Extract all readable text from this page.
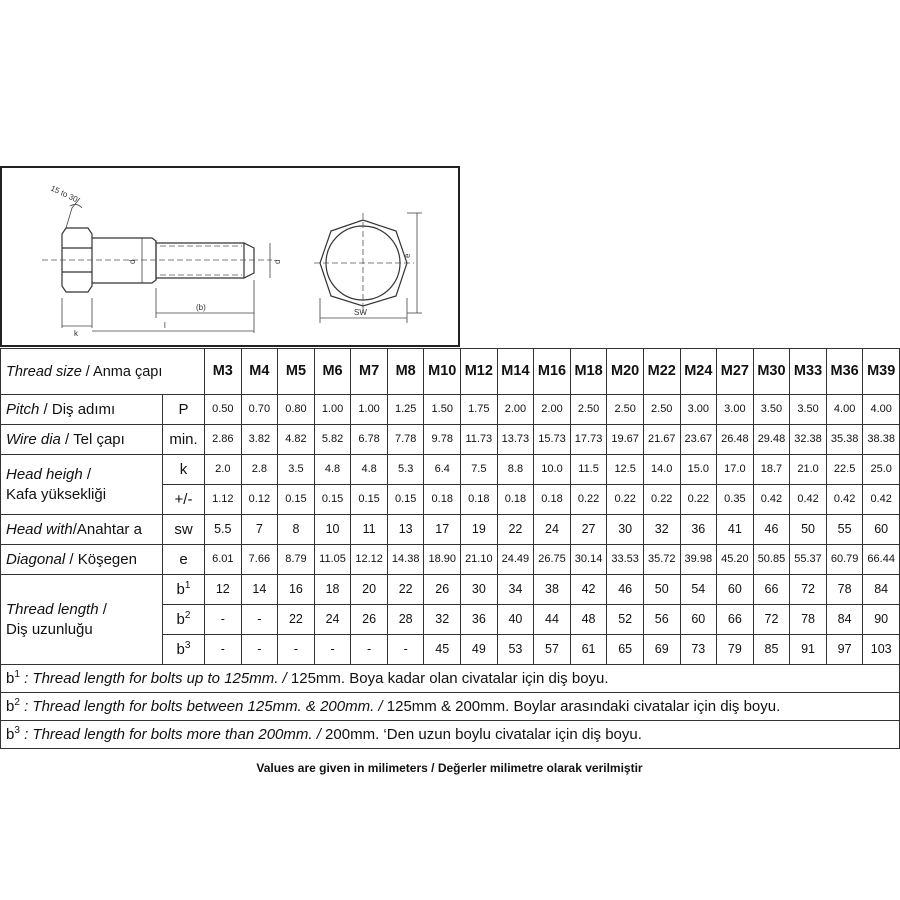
15 to 30
d	d
(b)
l
k
e
SW
Thread size / Anma çapı		M3	M4	M5	M6	M7	M8	M10	M12	M14	M16	M18	M20	M22	M24	M27	M30	M33	M36	M39
Pitch / Diş adımı	P	0.50	0.70	0.80	1.00	1.00	1.25	1.50	1.75	2.00	2.00	2.50	2.50	2.50	3.00	3.00	3.50	3.50	4.00	4.00
Wire dia / Tel çapı	min.	2.86	3.82	4.82	5.82	6.78	7.78	9.78	11.73	13.73	15.73	17.73	19.67	21.67	23.67	26.48	29.48	32.38	35.38	38.38
Head heigh /
Kafa yüksekliği	k	2.0	2.8	3.5	4.8	4.8	5.3	6.4	7.5	8.8	10.0	11.5	12.5	14.0	15.0	17.0	18.7	21.0	22.5	25.0
	+/-	1.12	0.12	0.15	0.15	0.15	0.15	0.18	0.18	0.18	0.18	0.22	0.22	0.22	0.22	0.35	0.42	0.42	0.42	0.42
Head with/Anahtar a	sw	5.5	7	8	10	11	13	17	19	22	24	27	30	32	36	41	46	50	55	60
Diagonal / Köşegen	e	6.01	7.66	8.79	11.05	12.12	14.38	18.90	21.10	24.49	26.75	30.14	33.53	35.72	39.98	45.20	50.85	55.37	60.79	66.44
Thread length /
Diş uzunluğu	$b^1$	12	14	16	18	20	22	26	30	34	38	42	46	50	54	60	66	72	78	84
	$b^2$	-	-	22	24	26	28	32	36	40	44	48	52	56	60	66	72	78	84	90
	$b^3$	-	-	-	-	-	-	45	49	53	57	61	65	69	73	79	85	91	97	103
$b^1$ : Thread length for bolts up to 125mm. / 125mm. Boya kadar olan civatalar için diş boyu.																				
$b^2$ : Thread length for bolts between 125mm. & 200mm. / 125mm & 200mm. Boylar arasındaki civatalar için diş boyu.																				
$b^3$ : Thread length for bolts more than 200mm. / 200mm. ‘Den uzun boylu civatalar için diş boyu.																				
Values are given in milimeters / Değerler milimetre olarak verilmiştir
